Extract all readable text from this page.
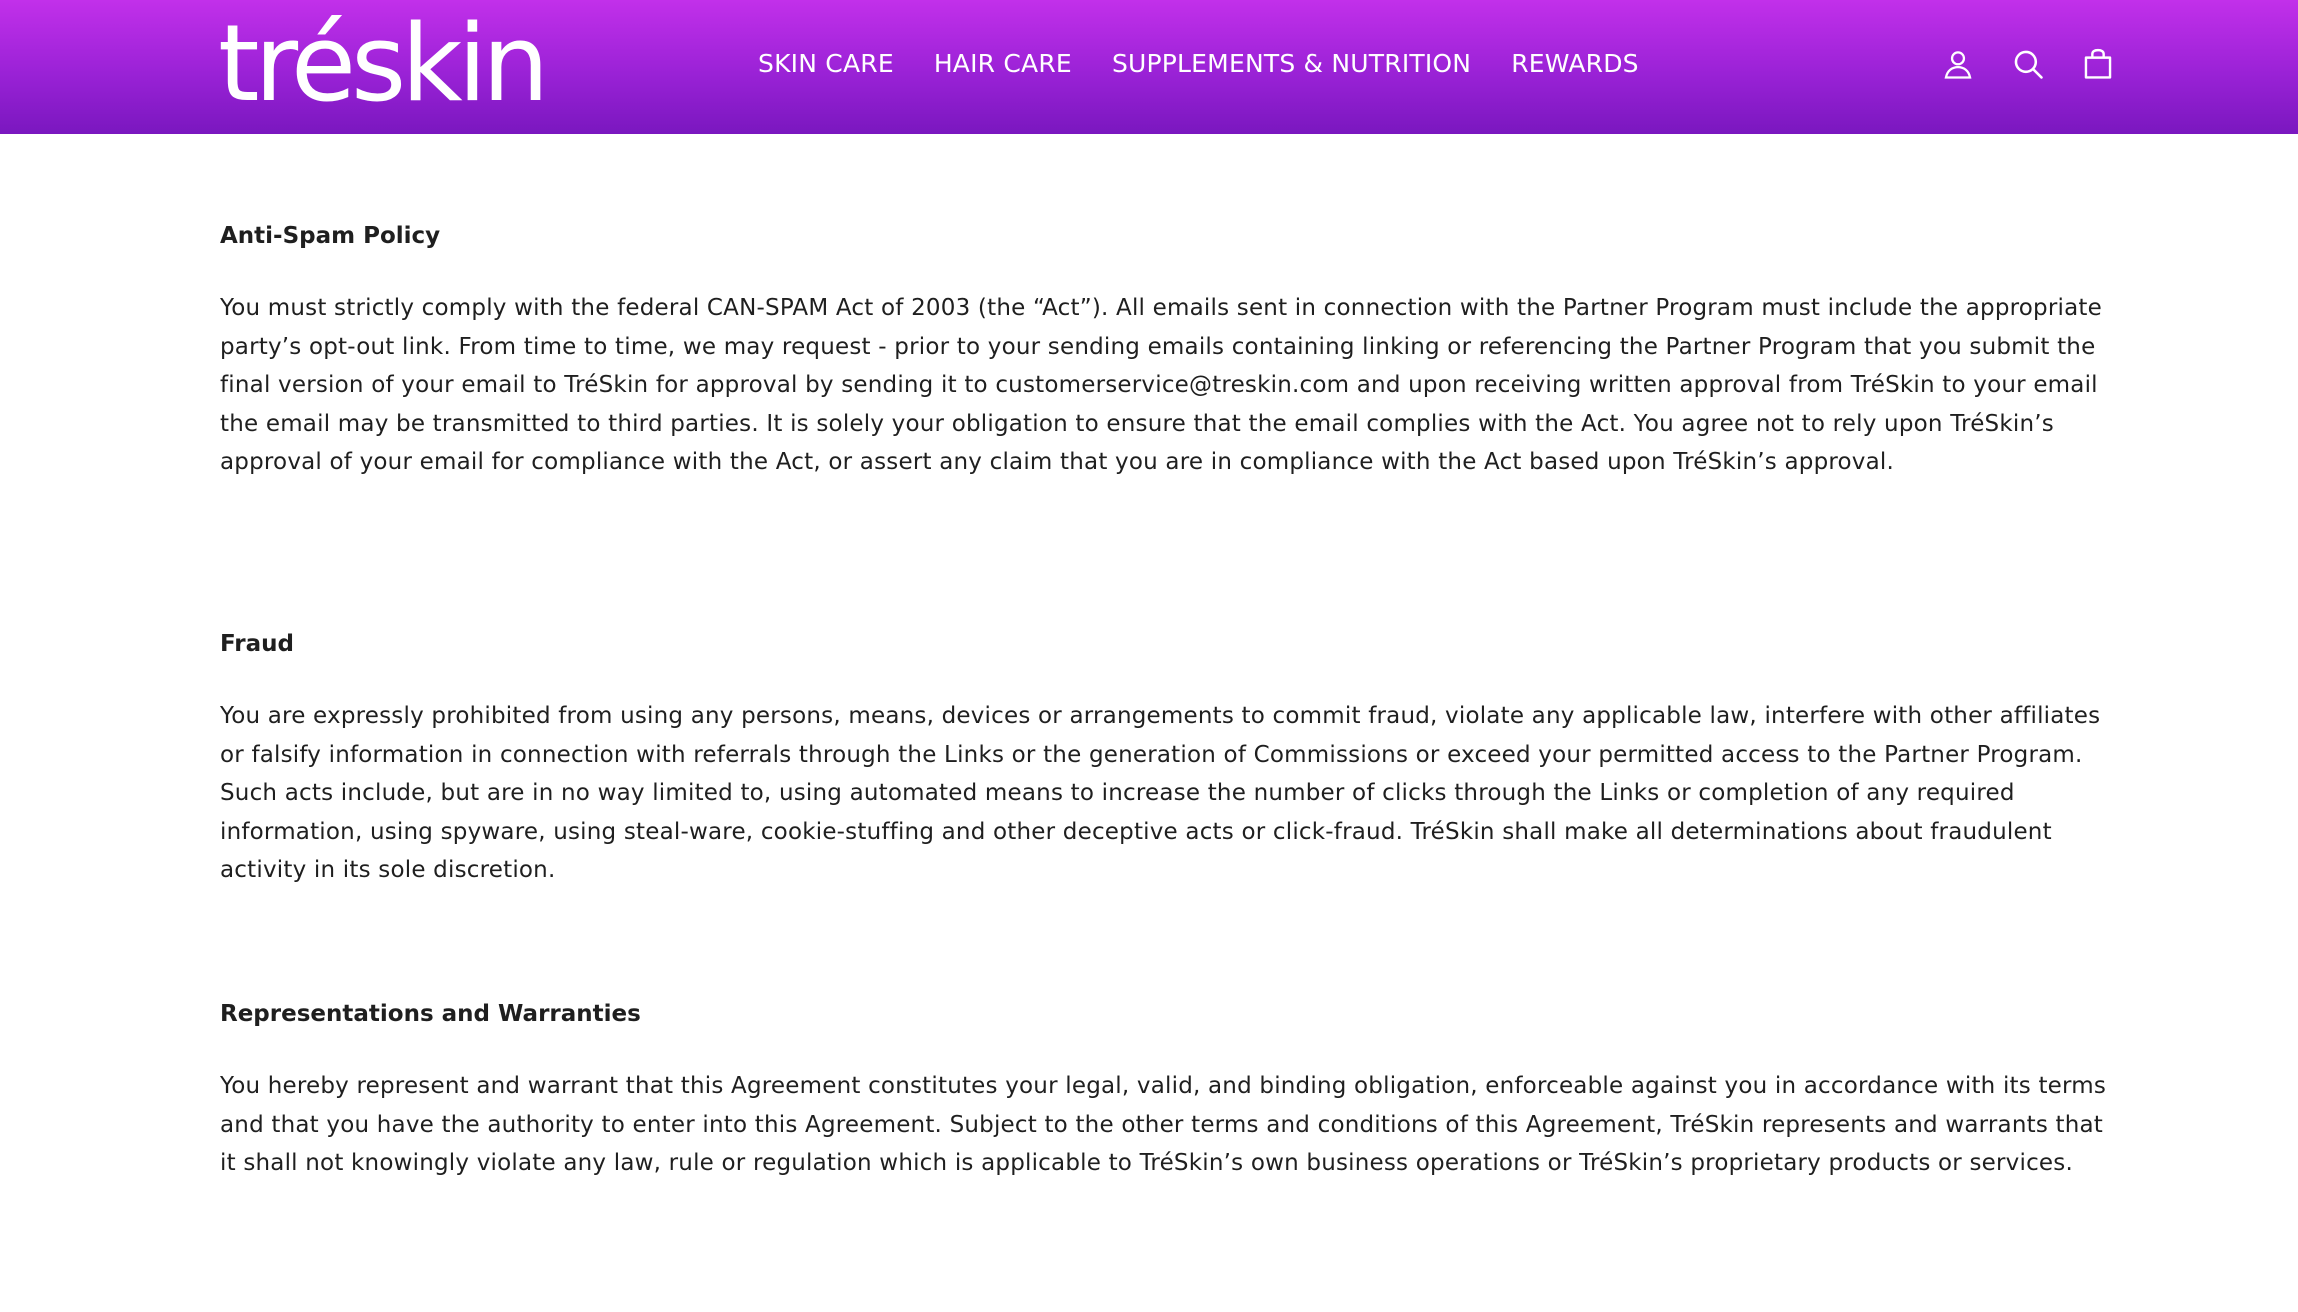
tréskin	SKIN CARE HAIR CARE SUPPLEMENTS & NUTRITION REWARDS
Anti-Spam Policy

You must strictly comply with the federal CAN-SPAM Act of 2003 (the “Act”). All emails sent in connection with the Partner Program must include the appropriate party’s opt-out link. From time to time, we may request - prior to your sending emails containing linking or referencing the Partner Program that you submit the final version of your email to TréSkin for approval by sending it to customerservice@treskin.com and upon receiving written approval from TréSkin to your email the email may be transmitted to third parties. It is solely your obligation to ensure that the email complies with the Act. You agree not to rely upon TréSkin’s approval of your email for compliance with the Act, or assert any claim that you are in compliance with the Act based upon TréSkin’s approval.

Fraud

You are expressly prohibited from using any persons, means, devices or arrangements to commit fraud, violate any applicable law, interfere with other affiliates or falsify information in connection with referrals through the Links or the generation of Commissions or exceed your permitted access to the Partner Program. Such acts include, but are in no way limited to, using automated means to increase the number of clicks through the Links or completion of any required information, using spyware, using steal-ware, cookie-stuffing and other deceptive acts or click-fraud. TréSkin shall make all determinations about fraudulent activity in its sole discretion.

Representations and Warranties

You hereby represent and warrant that this Agreement constitutes your legal, valid, and binding obligation, enforceable against you in accordance with its terms and that you have the authority to enter into this Agreement. Subject to the other terms and conditions of this Agreement, TréSkin represents and warrants that it shall not knowingly violate any law, rule or regulation which is applicable to TréSkin’s own business operations or TréSkin’s proprietary products or services.
